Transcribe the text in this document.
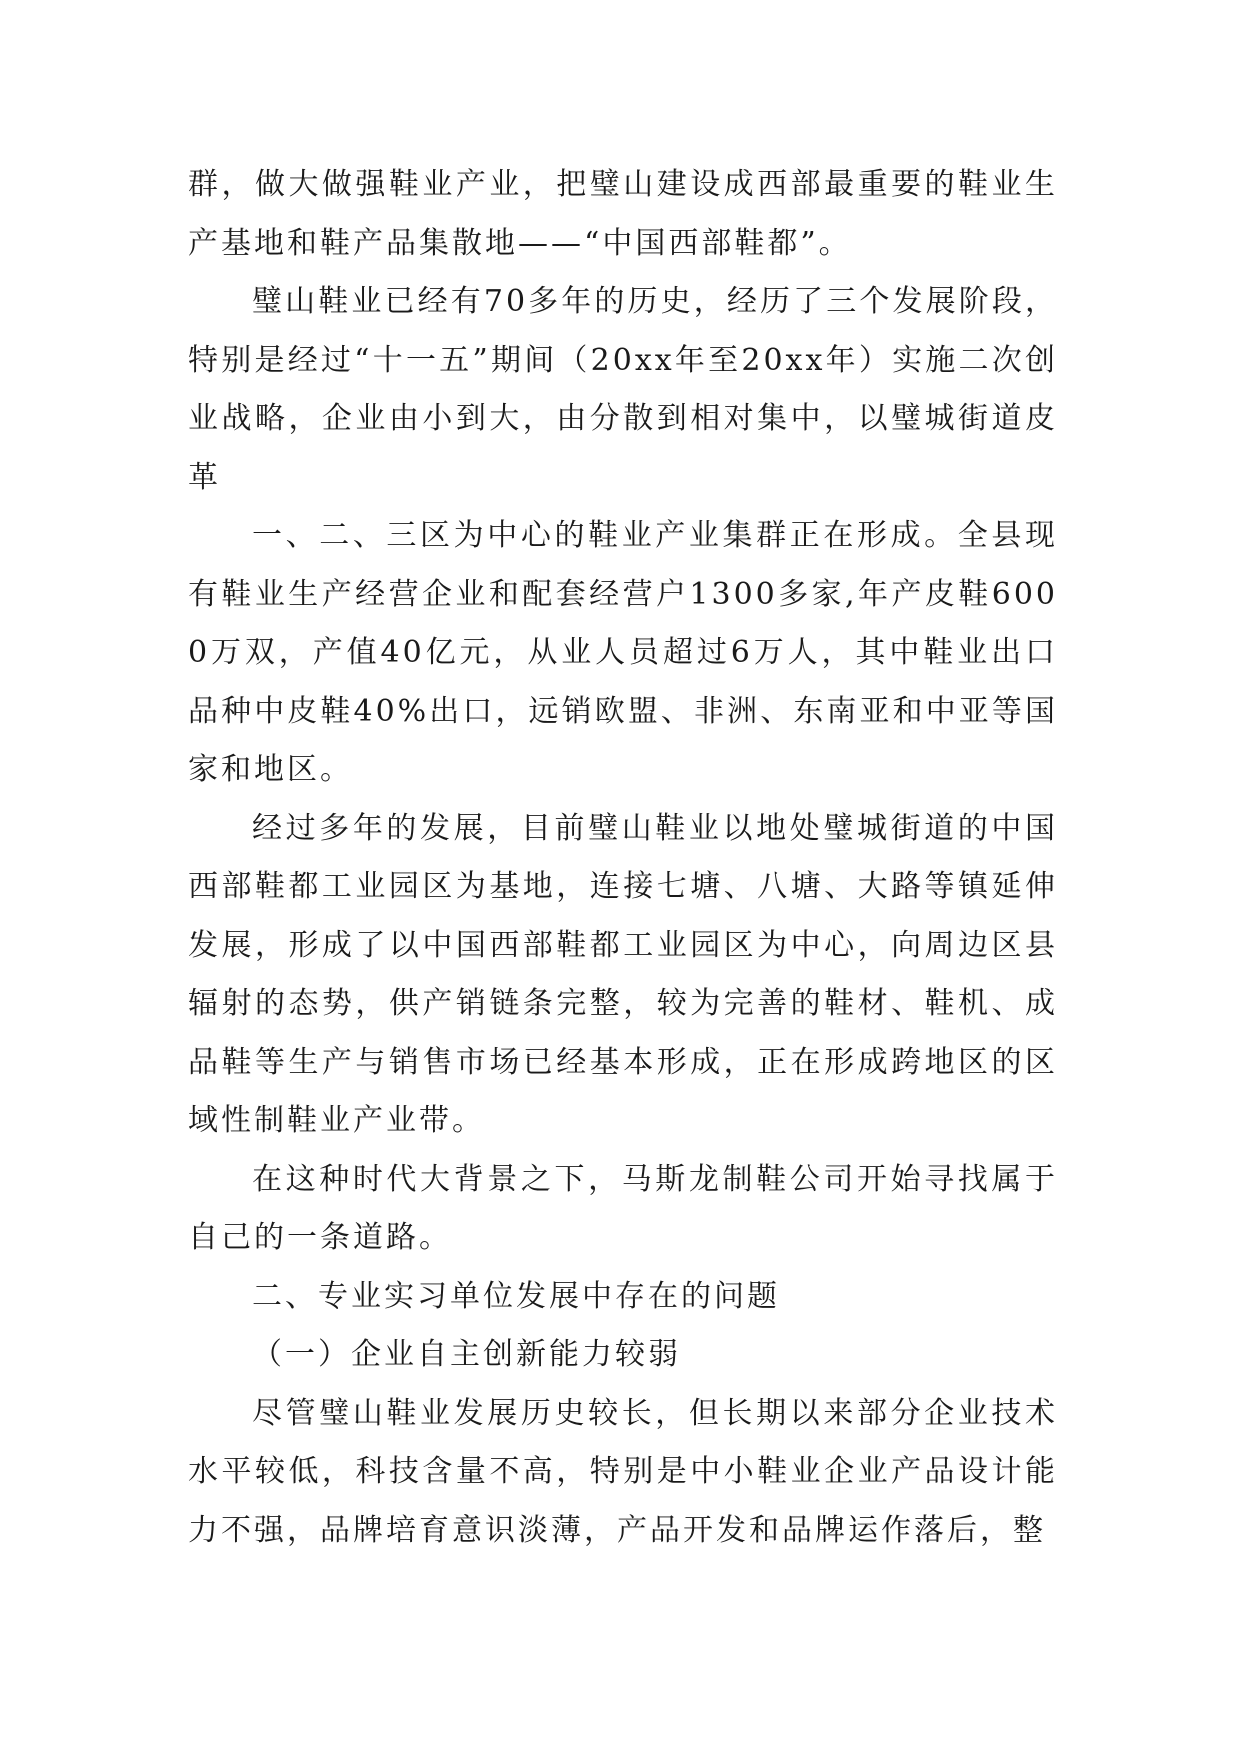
群，做大做强鞋业产业，把璧山建设成西部最重要的鞋业生产基地和鞋产品集散地——“中国西部鞋都”。

璧山鞋业已经有70多年的历史，经历了三个发展阶段，特别是经过“十一五”期间（20xx年至20xx年）实施二次创业战略，企业由小到大，由分散到相对集中，以璧城街道皮革

一、二、三区为中心的鞋业产业集群正在形成。全县现有鞋业生产经营企业和配套经营户1300多家,年产皮鞋6000万双，产值40亿元，从业人员超过6万人，其中鞋业出口品种中皮鞋40%出口，远销欧盟、非洲、东南亚和中亚等国家和地区。

经过多年的发展，目前璧山鞋业以地处璧城街道的中国西部鞋都工业园区为基地，连接七塘、八塘、大路等镇延伸发展，形成了以中国西部鞋都工业园区为中心，向周边区县辐射的态势，供产销链条完整，较为完善的鞋材、鞋机、成品鞋等生产与销售市场已经基本形成，正在形成跨地区的区域性制鞋业产业带。

在这种时代大背景之下，马斯龙制鞋公司开始寻找属于自己的一条道路。

二、专业实习单位发展中存在的问题

（一）企业自主创新能力较弱

尽管璧山鞋业发展历史较长，但长期以来部分企业技术水平较低，科技含量不高，特别是中小鞋业企业产品设计能力不强，品牌培育意识淡薄，产品开发和品牌运作落后，整
